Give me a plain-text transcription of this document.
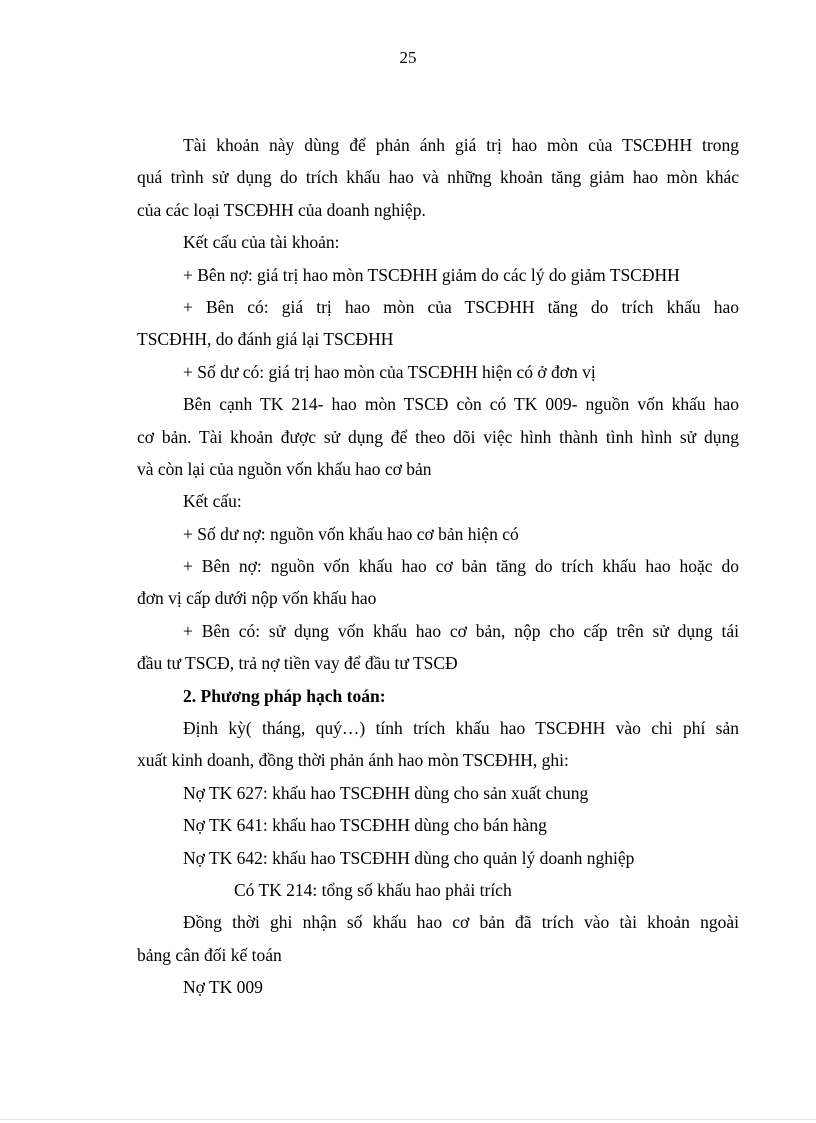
25
Tài khoản này dùng để phản ánh giá trị hao mòn của TSCĐHH trong
quá trình sử dụng do trích khấu hao và những khoản tăng giảm hao mòn khác
của các loại TSCĐHH của doanh nghiệp.
Kết cấu của tài khoản:
+ Bên nợ: giá trị hao mòn TSCĐHH giảm do các lý do giảm TSCĐHH
+ Bên có: giá trị hao mòn của TSCĐHH tăng do trích khấu hao
TSCĐHH, do đánh giá lại TSCĐHH
+ Số dư có: giá trị hao mòn của TSCĐHH hiện có ở đơn vị
Bên cạnh TK 214- hao mòn TSCĐ còn có TK 009- nguồn vốn khấu hao
cơ bản. Tài khoản được sử dụng để theo dõi việc hình thành tình hình sử dụng
và còn lại của nguồn vốn khấu hao cơ bản
Kết cấu:
+ Số dư nợ: nguồn vốn khấu hao cơ bản hiện có
+ Bên nợ: nguồn vốn khấu hao cơ bản tăng do trích khấu hao hoặc do
đơn vị cấp dưới nộp vốn khấu hao
+ Bên có: sử dụng vốn khấu hao cơ bản, nộp cho cấp trên sử dụng tái
đầu tư TSCĐ, trả nợ tiền vay để đầu tư TSCĐ
2. Phương pháp hạch toán:
Định kỳ( tháng, quý…) tính trích khấu hao TSCĐHH vào chi phí sản
xuất kinh doanh, đồng thời phản ánh hao mòn TSCĐHH, ghi:
Nợ TK 627: khấu hao TSCĐHH dùng cho sản xuất chung
Nợ TK 641: khấu hao TSCĐHH dùng cho bán hàng
Nợ TK 642: khấu hao TSCĐHH dùng cho quản lý doanh nghiệp
Có TK 214: tổng số khấu hao phải trích
Đồng thời ghi nhận số khấu hao cơ bản đã trích vào tài khoản ngoài
bảng cân đối kế toán
Nợ TK 009
